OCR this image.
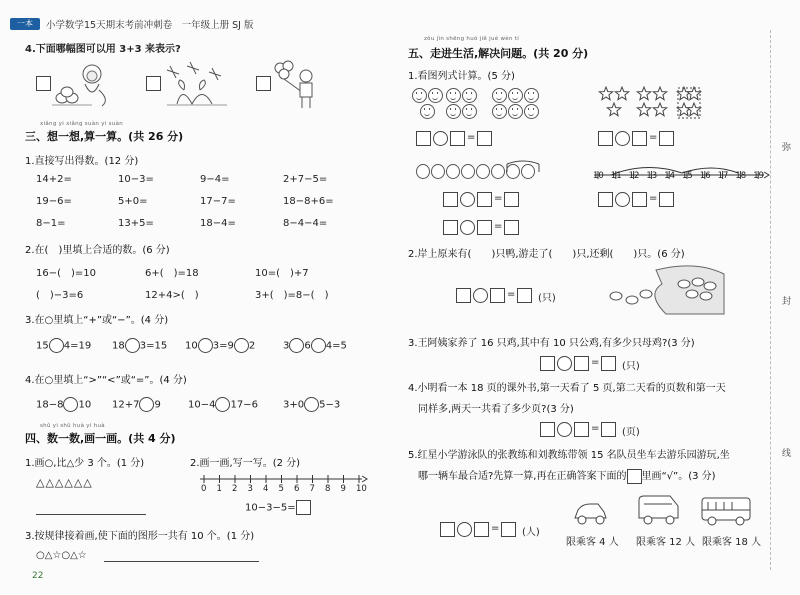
一本	小学数学15天期末考前冲刺卷　一年级上册 SJ 版
4.下面哪幅图可以用 3+3 来表示?
xiǎng yi xiǎng suàn yi suàn
三、想一想,算一算。(共 26 分)
1.直接写出得数。(12 分)
14+2=	10−3=	9−4=	2+7−5=
19−6=	5+0=	17−7=	18−8+6=
8−1=	13+5=	18−4=	8−4−4=
2.在(　)里填上合适的数。(6 分)
16−(　)=10	6+(　)=18	10=(　)+7
(　)−3=6	12+4>(　)	3+(　)=8−(　)
3.在○里填上“+”或“−”。(4 分)
15 4=19 18 3=15 10 3=9 2	3 6 4=5
4.在○里填上“>”“<”或“=”。(4 分)
18−8 10 12+7 9	10−4 17−6	3+0 5−3
shǔ yi shǔ huà yi huà
四、数一数,画一画。(共 4 分)
1.画○,比△少 3 个。(1 分)
△△△△△△
2.画一画,写一写。(2 分)
0 1 2 3 4 5 6 7 8 9 10
10−3−5=
3.按规律接着画,使下面的图形一共有 10 个。(1 分)
○△☆○△☆
22
zǒu jìn shēng huó jiě jué wèn tí
五、走进生活,解决问题。(共 20 分)
1.看图列式计算。(5 分)
=	=
10 11 12 13 14 15 16 17 18 19
=
=
=
2.岸上原来有(　　)只鸭,游走了(　　)只,还剩(　　)只。(6 分)
= (只)
3.王阿姨家养了 16 只鸡,其中有 10 只公鸡,有多少只母鸡?(3 分)
= (只)
4.小明看一本 18 页的课外书,第一天看了 5 页,第二天看的页数和第一天
同样多,两天一共看了多少页?(3 分)
= (页)
5.红星小学游泳队的张教练和刘教练带领 15 名队员坐车去游乐园游玩,坐
哪一辆车最合适?先算一算,再在正确答案下面的 里画“√”。(3 分)
= (人)
限乘客 4 人 限乘客 12 人 限乘客 18 人
弥
封
线
